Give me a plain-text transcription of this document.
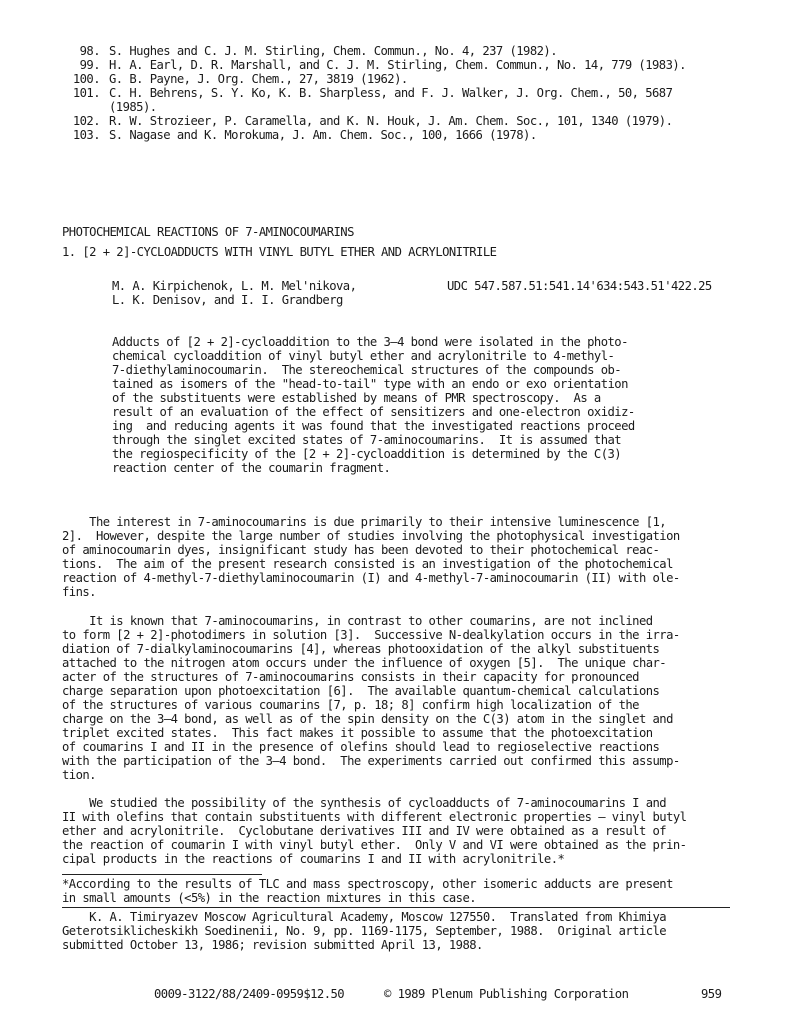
98. S. Hughes and C. J. M. Stirling, Chem. Commun., No. 4, 237 (1982).
99. H. A. Earl, D. R. Marshall, and C. J. M. Stirling, Chem. Commun., No. 14, 779 (1983).
100. G. B. Payne, J. Org. Chem., 27, 3819 (1962).
101. C. H. Behrens, S. Y. Ko, K. B. Sharpless, and F. J. Walker, J. Org. Chem., 50, 5687
(1985).
102. R. W. Strozieer, P. Caramella, and K. N. Houk, J. Am. Chem. Soc., 101, 1340 (1979).
103. S. Nagase and K. Morokuma, J. Am. Chem. Soc., 100, 1666 (1978).
PHOTOCHEMICAL REACTIONS OF 7-AMINOCOUMARINS
1. [2 + 2]-CYCLOADDUCTS WITH VINYL BUTYL ETHER AND ACRYLONITRILE
M. A. Kirpichenok, L. M. Mel'nikova,
L. K. Denisov, and I. I. Grandberg
UDC 547.587.51:541.14'634:543.51'422.25
Adducts of [2 + 2]-cycloaddition to the 3–4 bond were isolated in the photo-
chemical cycloaddition of vinyl butyl ether and acrylonitrile to 4-methyl-
7-diethylaminocoumarin.  The stereochemical structures of the compounds ob-
tained as isomers of the "head-to-tail" type with an endo or exo orientation
of the substituents were established by means of PMR spectroscopy.  As a
result of an evaluation of the effect of sensitizers and one-electron oxidiz-
ing  and reducing agents it was found that the investigated reactions proceed
through the singlet excited states of 7-aminocoumarins.  It is assumed that
the regiospecificity of the [2 + 2]-cycloaddition is determined by the C(3)
reaction center of the coumarin fragment.
The interest in 7-aminocoumarins is due primarily to their intensive luminescence [1,
2].  However, despite the large number of studies involving the photophysical investigation
of aminocoumarin dyes, insignificant study has been devoted to their photochemical reac-
tions.  The aim of the present research consisted is an investigation of the photochemical
reaction of 4-methyl-7-diethylaminocoumarin (I) and 4-methyl-7-aminocoumarin (II) with ole-
fins.
It is known that 7-aminocoumarins, in contrast to other coumarins, are not inclined
to form [2 + 2]-photodimers in solution [3].  Successive N-dealkylation occurs in the irra-
diation of 7-dialkylaminocoumarins [4], whereas photooxidation of the alkyl substituents
attached to the nitrogen atom occurs under the influence of oxygen [5].  The unique char-
acter of the structures of 7-aminocoumarins consists in their capacity for pronounced
charge separation upon photoexcitation [6].  The available quantum-chemical calculations
of the structures of various coumarins [7, p. 18; 8] confirm high localization of the
charge on the 3–4 bond, as well as of the spin density on the C(3) atom in the singlet and
triplet excited states.  This fact makes it possible to assume that the photoexcitation
of coumarins I and II in the presence of olefins should lead to regioselective reactions
with the participation of the 3–4 bond.  The experiments carried out confirmed this assump-
tion.
We studied the possibility of the synthesis of cycloadducts of 7-aminocoumarins I and
II with olefins that contain substituents with different electronic properties — vinyl butyl
ether and acrylonitrile.  Cyclobutane derivatives III and IV were obtained as a result of
the reaction of coumarin I with vinyl butyl ether.  Only V and VI were obtained as the prin-
cipal products in the reactions of coumarins I and II with acrylonitrile.*
*According to the results of TLC and mass spectroscopy, other isomeric adducts are present
in small amounts (<5%) in the reaction mixtures in this case.
K. A. Timiryazev Moscow Agricultural Academy, Moscow 127550.  Translated from Khimiya
Geterotsiklicheskikh Soedinenii, No. 9, pp. 1169-1175, September, 1988.  Original article
submitted October 13, 1986; revision submitted April 13, 1988.
0009-3122/88/2409-0959$12.50	© 1989 Plenum Publishing Corporation	959
